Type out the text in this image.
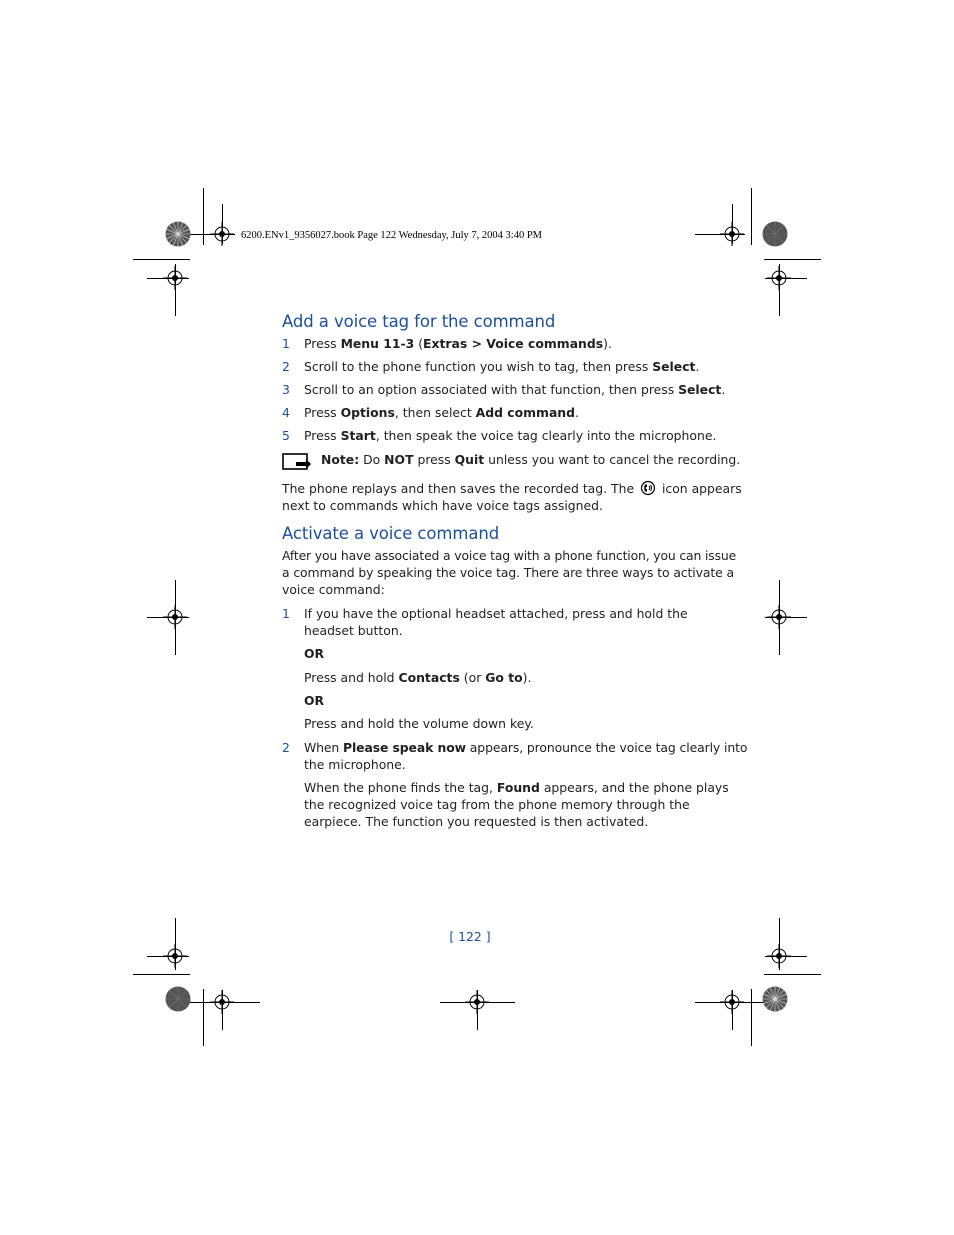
6200.ENv1_9356027.book Page 122 Wednesday, July 7, 2004 3:40 PM
Add a voice tag for the command
1 Press Menu 11-3 (Extras > Voice commands).
2 Scroll to the phone function you wish to tag, then press Select.
3 Scroll to an option associated with that function, then press Select.
4 Press Options, then select Add command.
5 Press Start, then speak the voice tag clearly into the microphone.
Note: Do NOT press Quit unless you want to cancel the recording.
The phone replays and then saves the recorded tag. The  icon appears
next to commands which have voice tags assigned.
Activate a voice command
After you have associated a voice tag with a phone function, you can issue
a command by speaking the voice tag. There are three ways to activate a
voice command:
1 If you have the optional headset attached, press and hold the
headset button.
OR
Press and hold Contacts (or Go to).
OR
Press and hold the volume down key.
2 When Please speak now appears, pronounce the voice tag clearly into
the microphone.
When the phone finds the tag, Found appears, and the phone plays
the recognized voice tag from the phone memory through the
earpiece. The function you requested is then activated.
[ 122 ]
